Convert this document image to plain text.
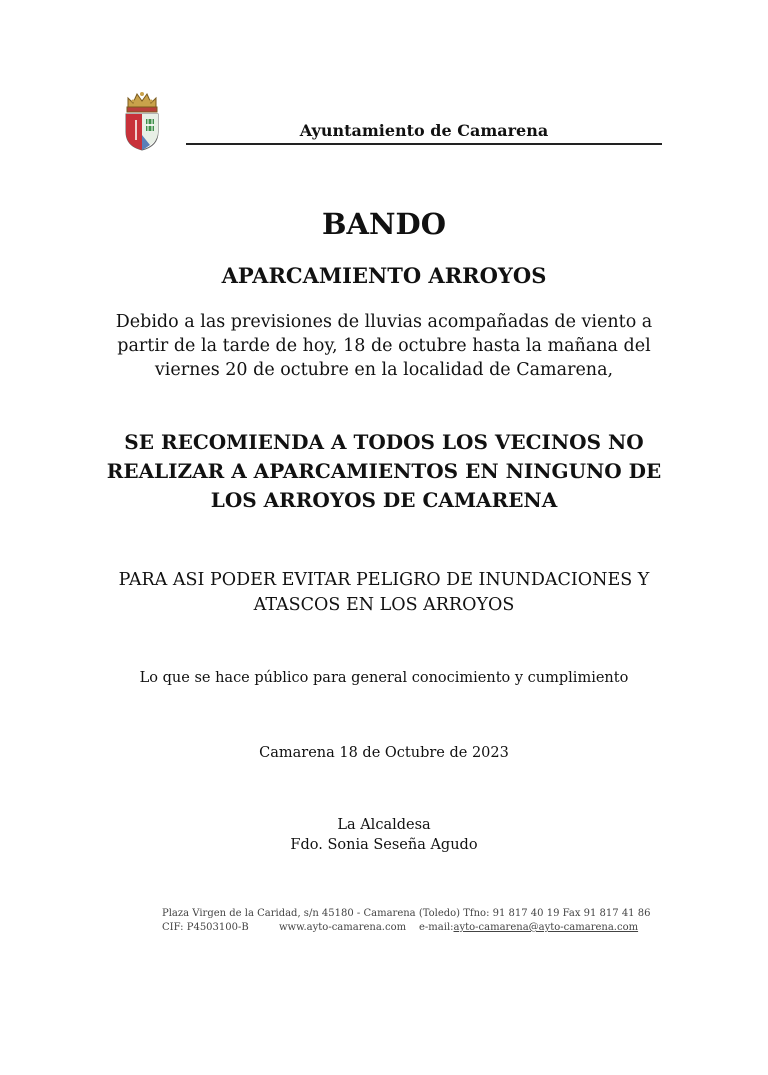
Ayuntamiento de Camarena
BANDO
APARCAMIENTO ARROYOS
Debido a las previsiones de lluvias acompañadas de viento a
partir de la tarde de hoy, 18 de octubre hasta la mañana del
viernes 20 de octubre en la localidad de Camarena,
SE RECOMIENDA A TODOS LOS VECINOS NO
REALIZAR A APARCAMIENTOS EN NINGUNO DE
LOS ARROYOS DE CAMARENA
PARA ASI PODER EVITAR PELIGRO DE INUNDACIONES Y
ATASCOS EN LOS ARROYOS
Lo que se hace público para general conocimiento y cumplimiento
Camarena 18 de Octubre de 2023
La Alcaldesa
Fdo. Sonia Seseña Agudo
Plaza Virgen de la Caridad, s/n 45180 - Camarena (Toledo) Tfno: 91 817 40 19 Fax 91 817 41 86
CIF: P4503100-B	www.ayto-camarena.com e-mail:ayto-camarena@ayto-camarena.com
